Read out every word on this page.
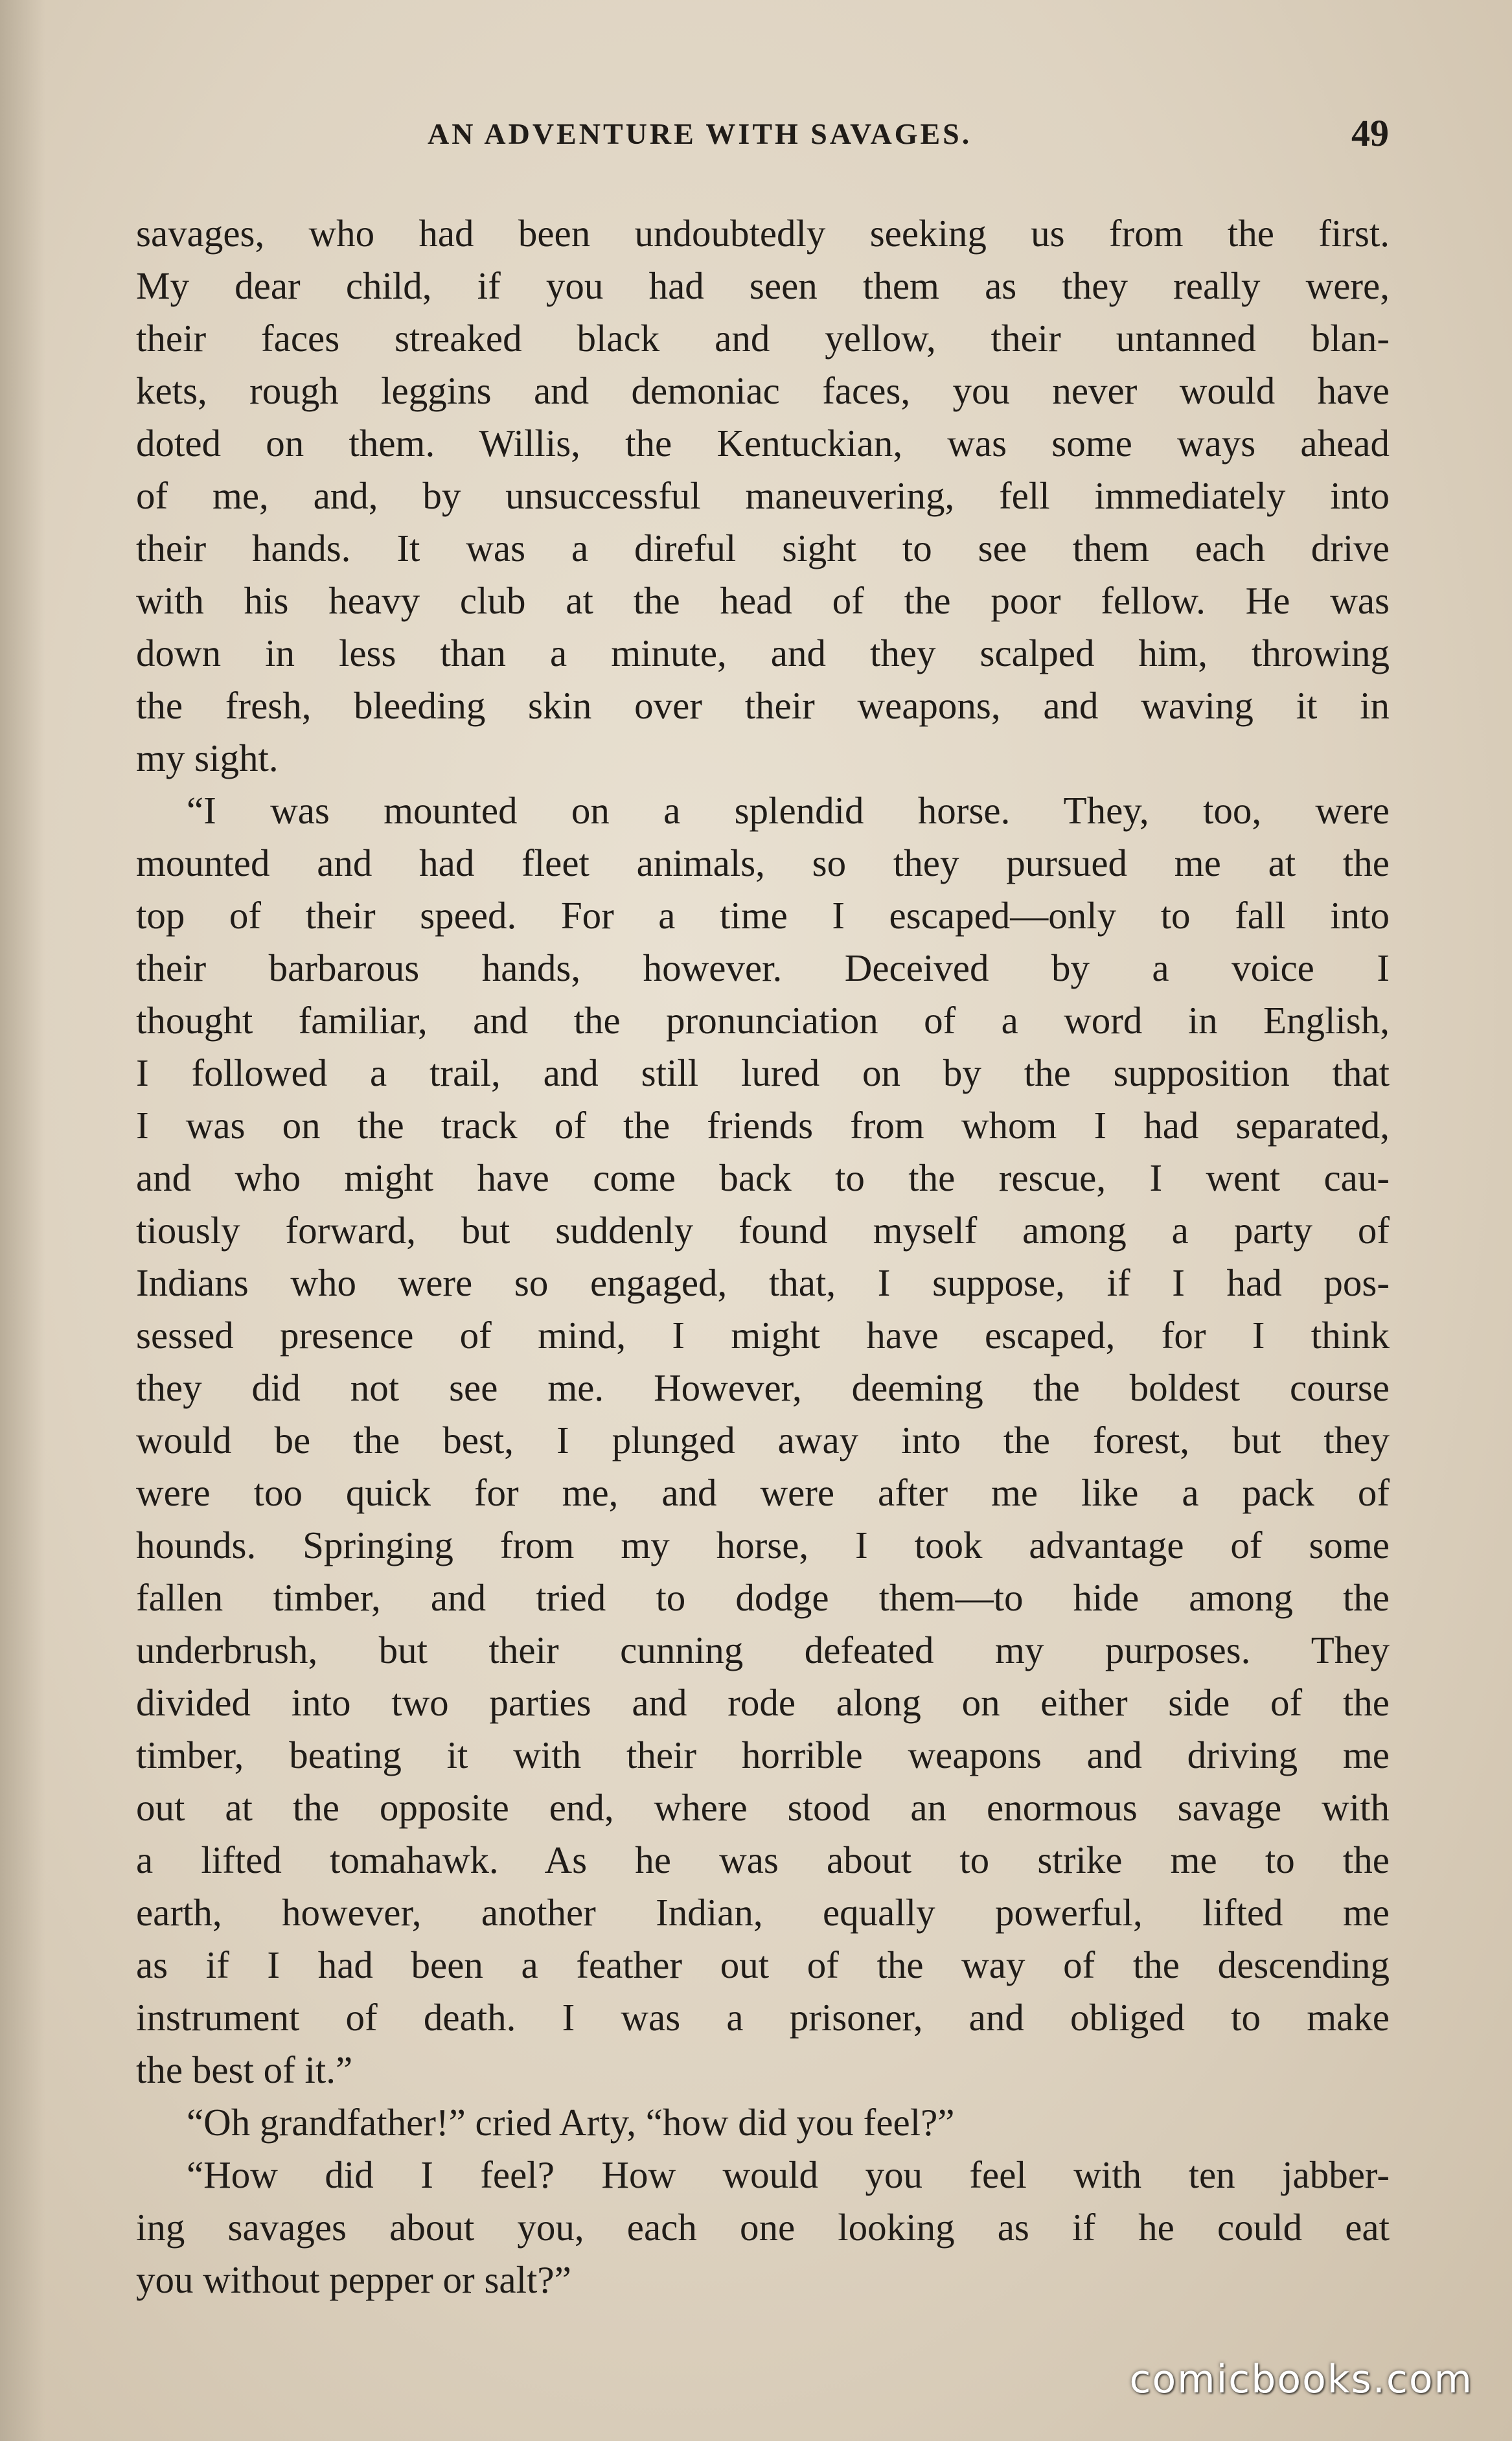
AN ADVENTURE WITH SAVAGES.	49
savages, who had been undoubtedly seeking us from the first.
My dear child, if you had seen them as they really were,
their faces streaked black and yellow, their untanned blan-
kets, rough leggins and demoniac faces, you never would have
doted on them. Willis, the Kentuckian, was some ways ahead
of me, and, by unsuccessful maneuvering, fell immediately into
their hands. It was a direful sight to see them each drive
with his heavy club at the head of the poor fellow. He was
down in less than a minute, and they scalped him, throwing
the fresh, bleeding skin over their weapons, and waving it in
my sight.
“I was mounted on a splendid horse. They, too, were
mounted and had fleet animals, so they pursued me at the
top of their speed. For a time I escaped—only to fall into
their barbarous hands, however. Deceived by a voice I
thought familiar, and the pronunciation of a word in English,
I followed a trail, and still lured on by the supposition that
I was on the track of the friends from whom I had separated,
and who might have come back to the rescue, I went cau-
tiously forward, but suddenly found myself among a party of
Indians who were so engaged, that, I suppose, if I had pos-
sessed presence of mind, I might have escaped, for I think
they did not see me. However, deeming the boldest course
would be the best, I plunged away into the forest, but they
were too quick for me, and were after me like a pack of
hounds. Springing from my horse, I took advantage of some
fallen timber, and tried to dodge them—to hide among the
underbrush, but their cunning defeated my purposes. They
divided into two parties and rode along on either side of the
timber, beating it with their horrible weapons and driving me
out at the opposite end, where stood an enormous savage with
a lifted tomahawk. As he was about to strike me to the
earth, however, another Indian, equally powerful, lifted me
as if I had been a feather out of the way of the descending
instrument of death. I was a prisoner, and obliged to make
the best of it.”
“Oh grandfather!” cried Arty, “how did you feel?”
“How did I feel? How would you feel with ten jabber-
ing savages about you, each one looking as if he could eat
you without pepper or salt?”
comicbooks.com
